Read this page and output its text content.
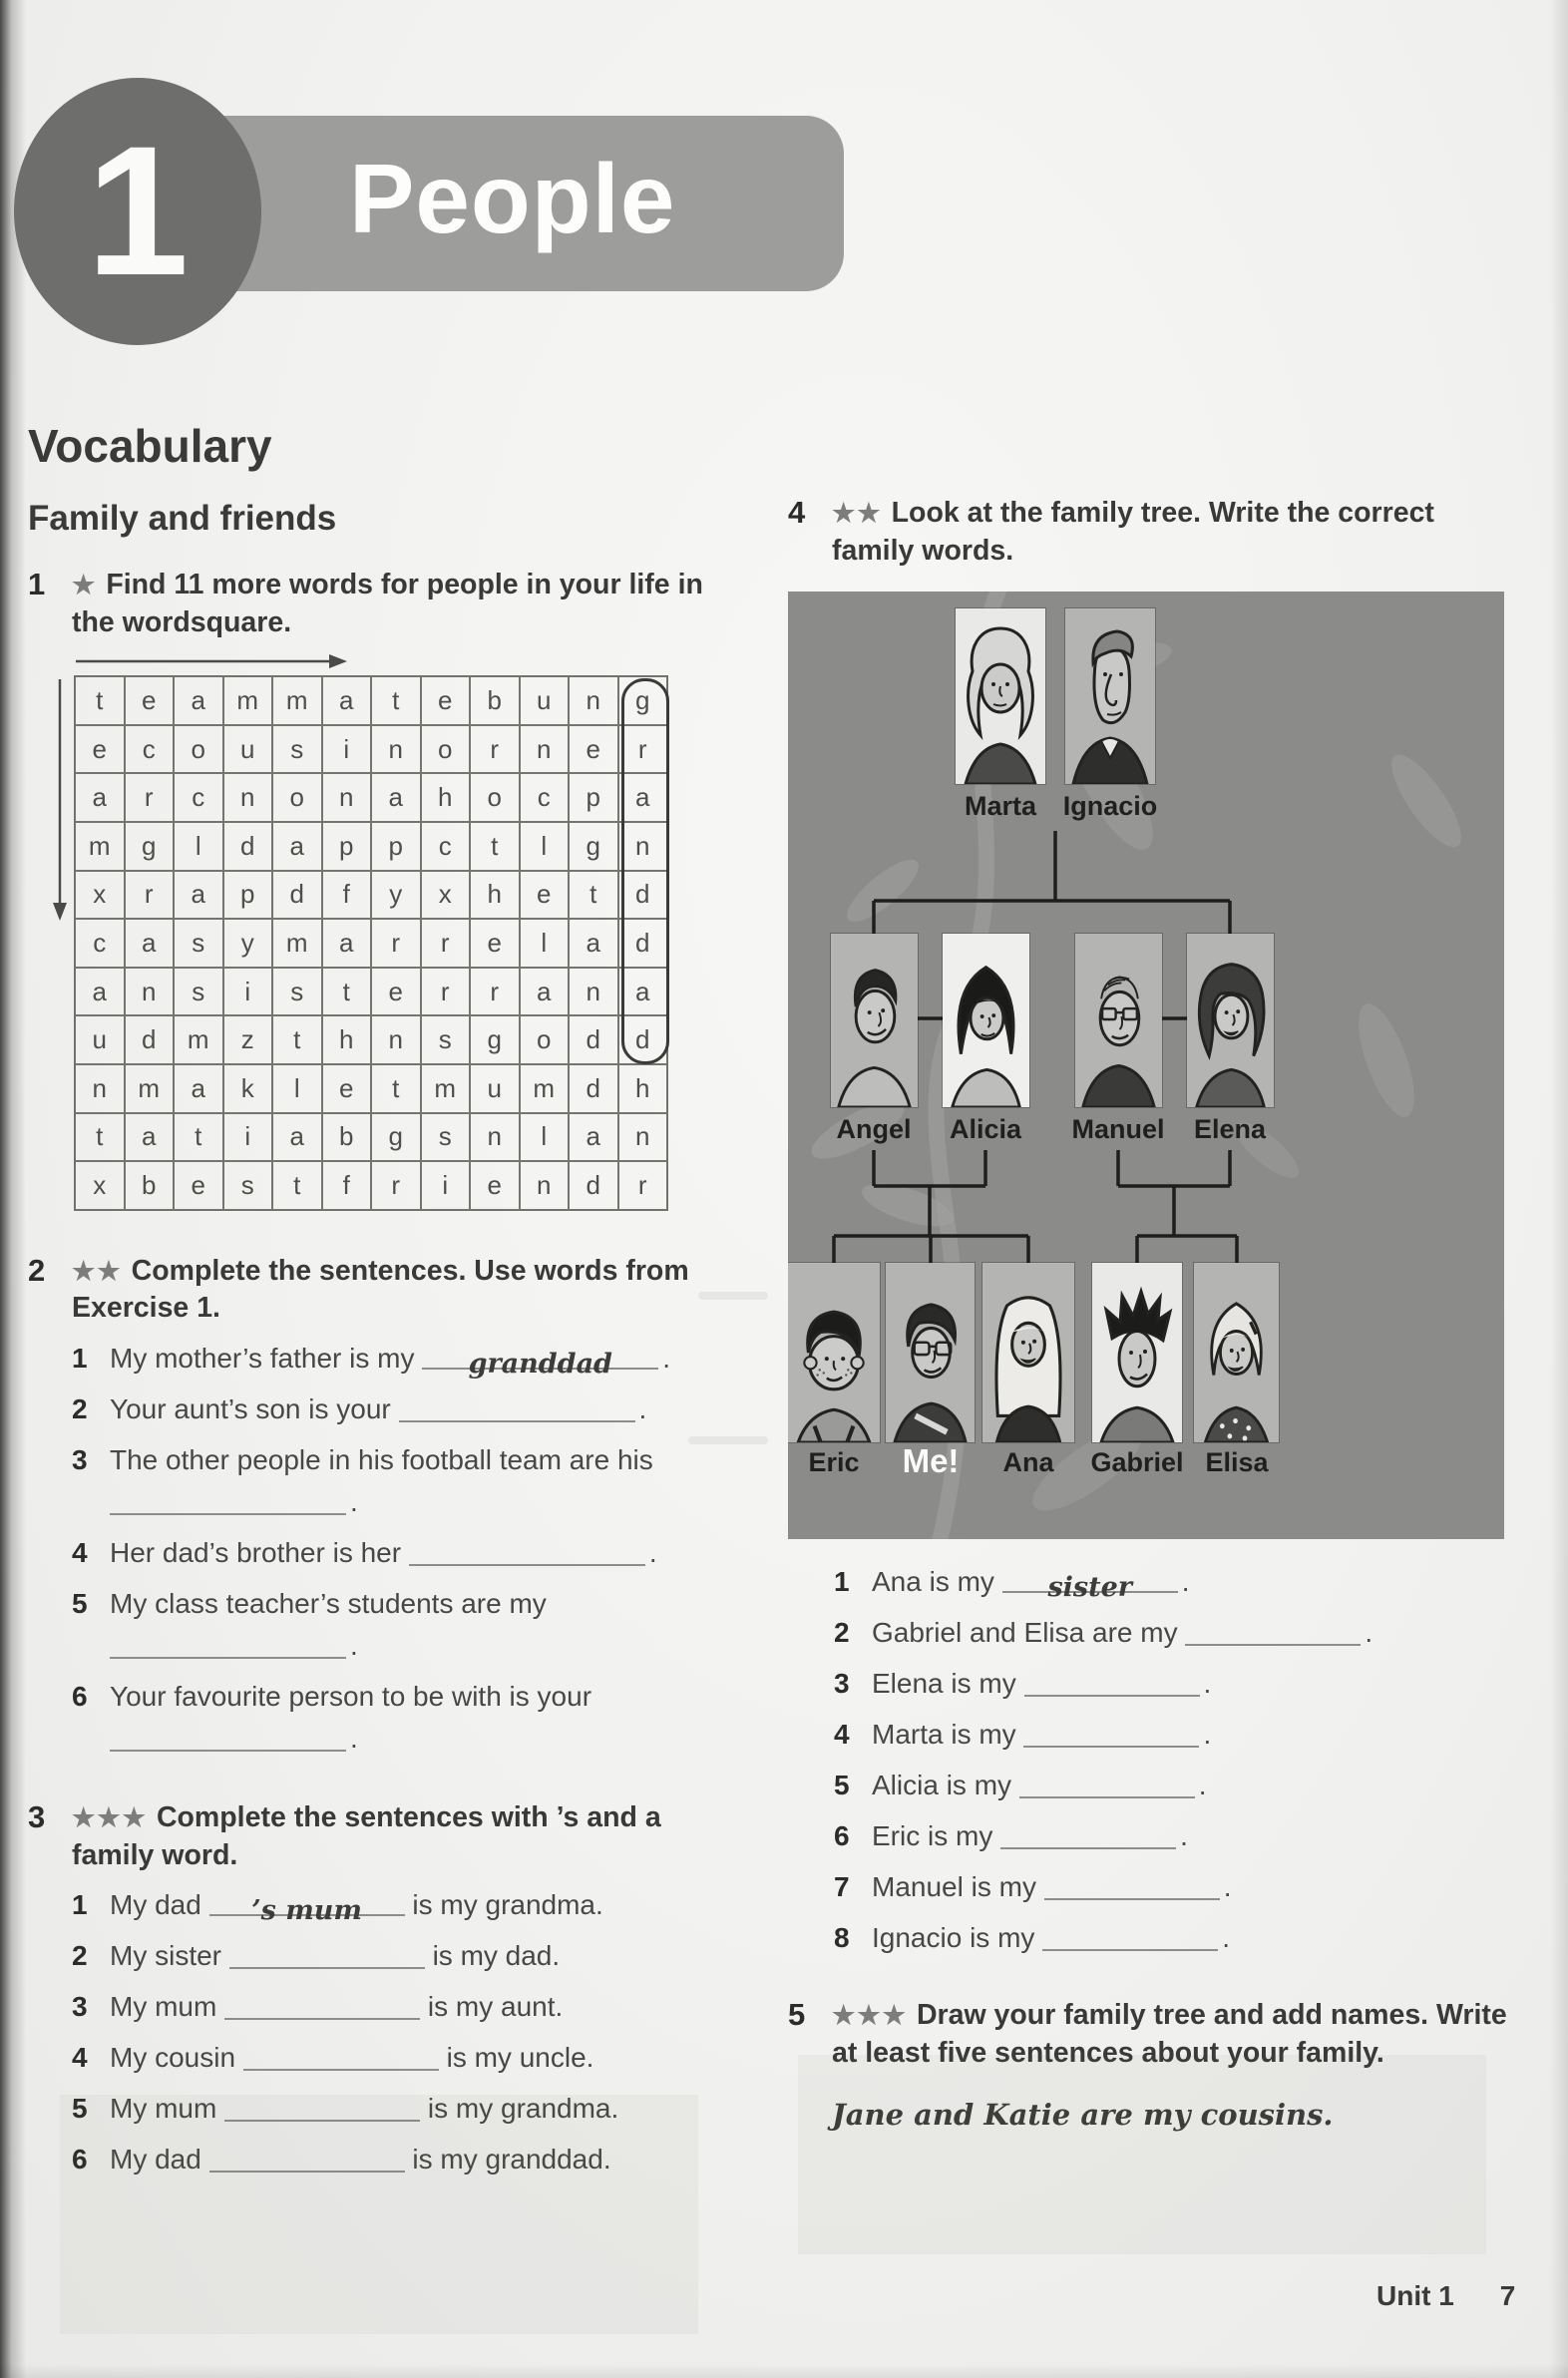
People
1
Vocabulary
Family and friends
1	★ Find 11 more words for people in your life in the wordsquare.
t	e	a	m	m	a	t	e	b	u	n	g
e	c	o	u	s	i	n	o	r	n	e	r
a	r	c	n	o	n	a	h	o	c	p	a
m	g	l	d	a	p	p	c	t	l	g	n
x	r	a	p	d	f	y	x	h	e	t	d
c	a	s	y	m	a	r	r	e	l	a	d
a	n	s	i	s	t	e	r	r	a	n	a
u	d	m	z	t	h	n	s	g	o	d	d
n	m	a	k	l	e	t	m	u	m	d	h
t	a	t	i	a	b	g	s	n	l	a	n
x	b	e	s	t	f	r	i	e	n	d	r
2	★★ Complete the sentences. Use words from Exercise 1.
1 My mother’s father is my granddad .
2 Your aunt’s son is your	.
3 The other people in his football team are his .
4 Her dad’s brother is her	.
5 My class teacher’s students are my .
6 Your favourite person to be with is your .
3	★★★ Complete the sentences with ’s and a family word.
1 My dad ’s mum is my grandma.
2 My sister	is my dad.
3 My mum	is my aunt.
4 My cousin	is my uncle.
5 My mum	is my grandma.
6 My dad	is my granddad.
4	★★ Look at the family tree. Write the correct family words.
Marta Ignacio
Angel Alicia Manuel Elena
Eric Me! Ana Gabriel Elisa
1 Ana is my sister .
2 Gabriel and Elisa are my	.
3 Elena is my	.
4 Marta is my	.
5 Alicia is my	.
6 Eric is my	.
7 Manuel is my	.
8 Ignacio is my	.
5	★★★ Draw your family tree and add names. Write at least five sentences about your family.
Jane and Katie are my cousins.
Unit 1 7
